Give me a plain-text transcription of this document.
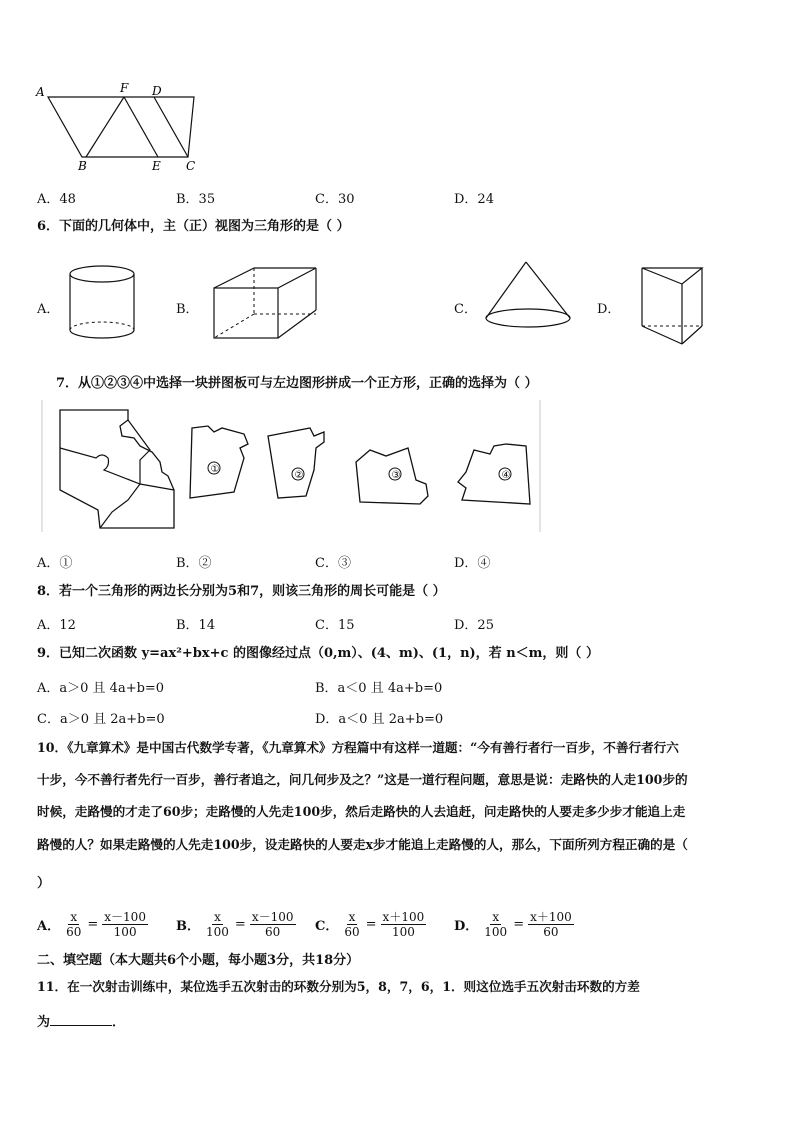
A	F D
B	E C
A．48	B．35	C．30	D．24
6．下面的几何体中，主（正）视图为三角形的是（ ）
A．	B．	C．	D．
7．从①②③④中选择一块拼图板可与左边图形拼成一个正方形，正确的选择为（ ）
①
②	③	④
A．①	B．②	C．③	D．④
8．若一个三角形的两边长分别为5和7，则该三角形的周长可能是（ ）
A．12	B．14	C．15	D．25
9．已知二次函数 y=ax²+bx+c 的图像经过点（0,m）、(4、m)、(1，n)，若 n＜m，则（ ）
A．a＞0 且 4a+b=0	B．a＜0 且 4a+b=0
C．a＞0 且 2a+b=0	D．a＜0 且 2a+b=0
10．《九章算术》是中国古代数学专著，《九章算术》方程篇中有这样一道题：“今有善行者行一百步，不善行者行六
十步，今不善行者先行一百步，善行者追之，问几何步及之？”这是一道行程问题，意思是说：走路快的人走100步的
时候，走路慢的才走了60步；走路慢的人先走100步，然后走路快的人去追赶，问走路快的人要走多少步才能追上走
路慢的人？如果走路慢的人先走100步，设走路快的人要走x步才能追上走路慢的人，那么，下面所列方程正确的是（
）
A． $\frac{x}{60} = \frac{x-100}{100}$ B． $\frac{x}{100} = \frac{x-100}{60}$ C． $\frac{x}{60} = \frac{x+100}{100}$ D． $\frac{x}{100} = \frac{x+100}{60}$
二、填空题（本大题共6个小题，每小题3分，共18分）
11．在一次射击训练中，某位选手五次射击的环数分别为5，8，7，6，1．则这位选手五次射击环数的方差
为	．
